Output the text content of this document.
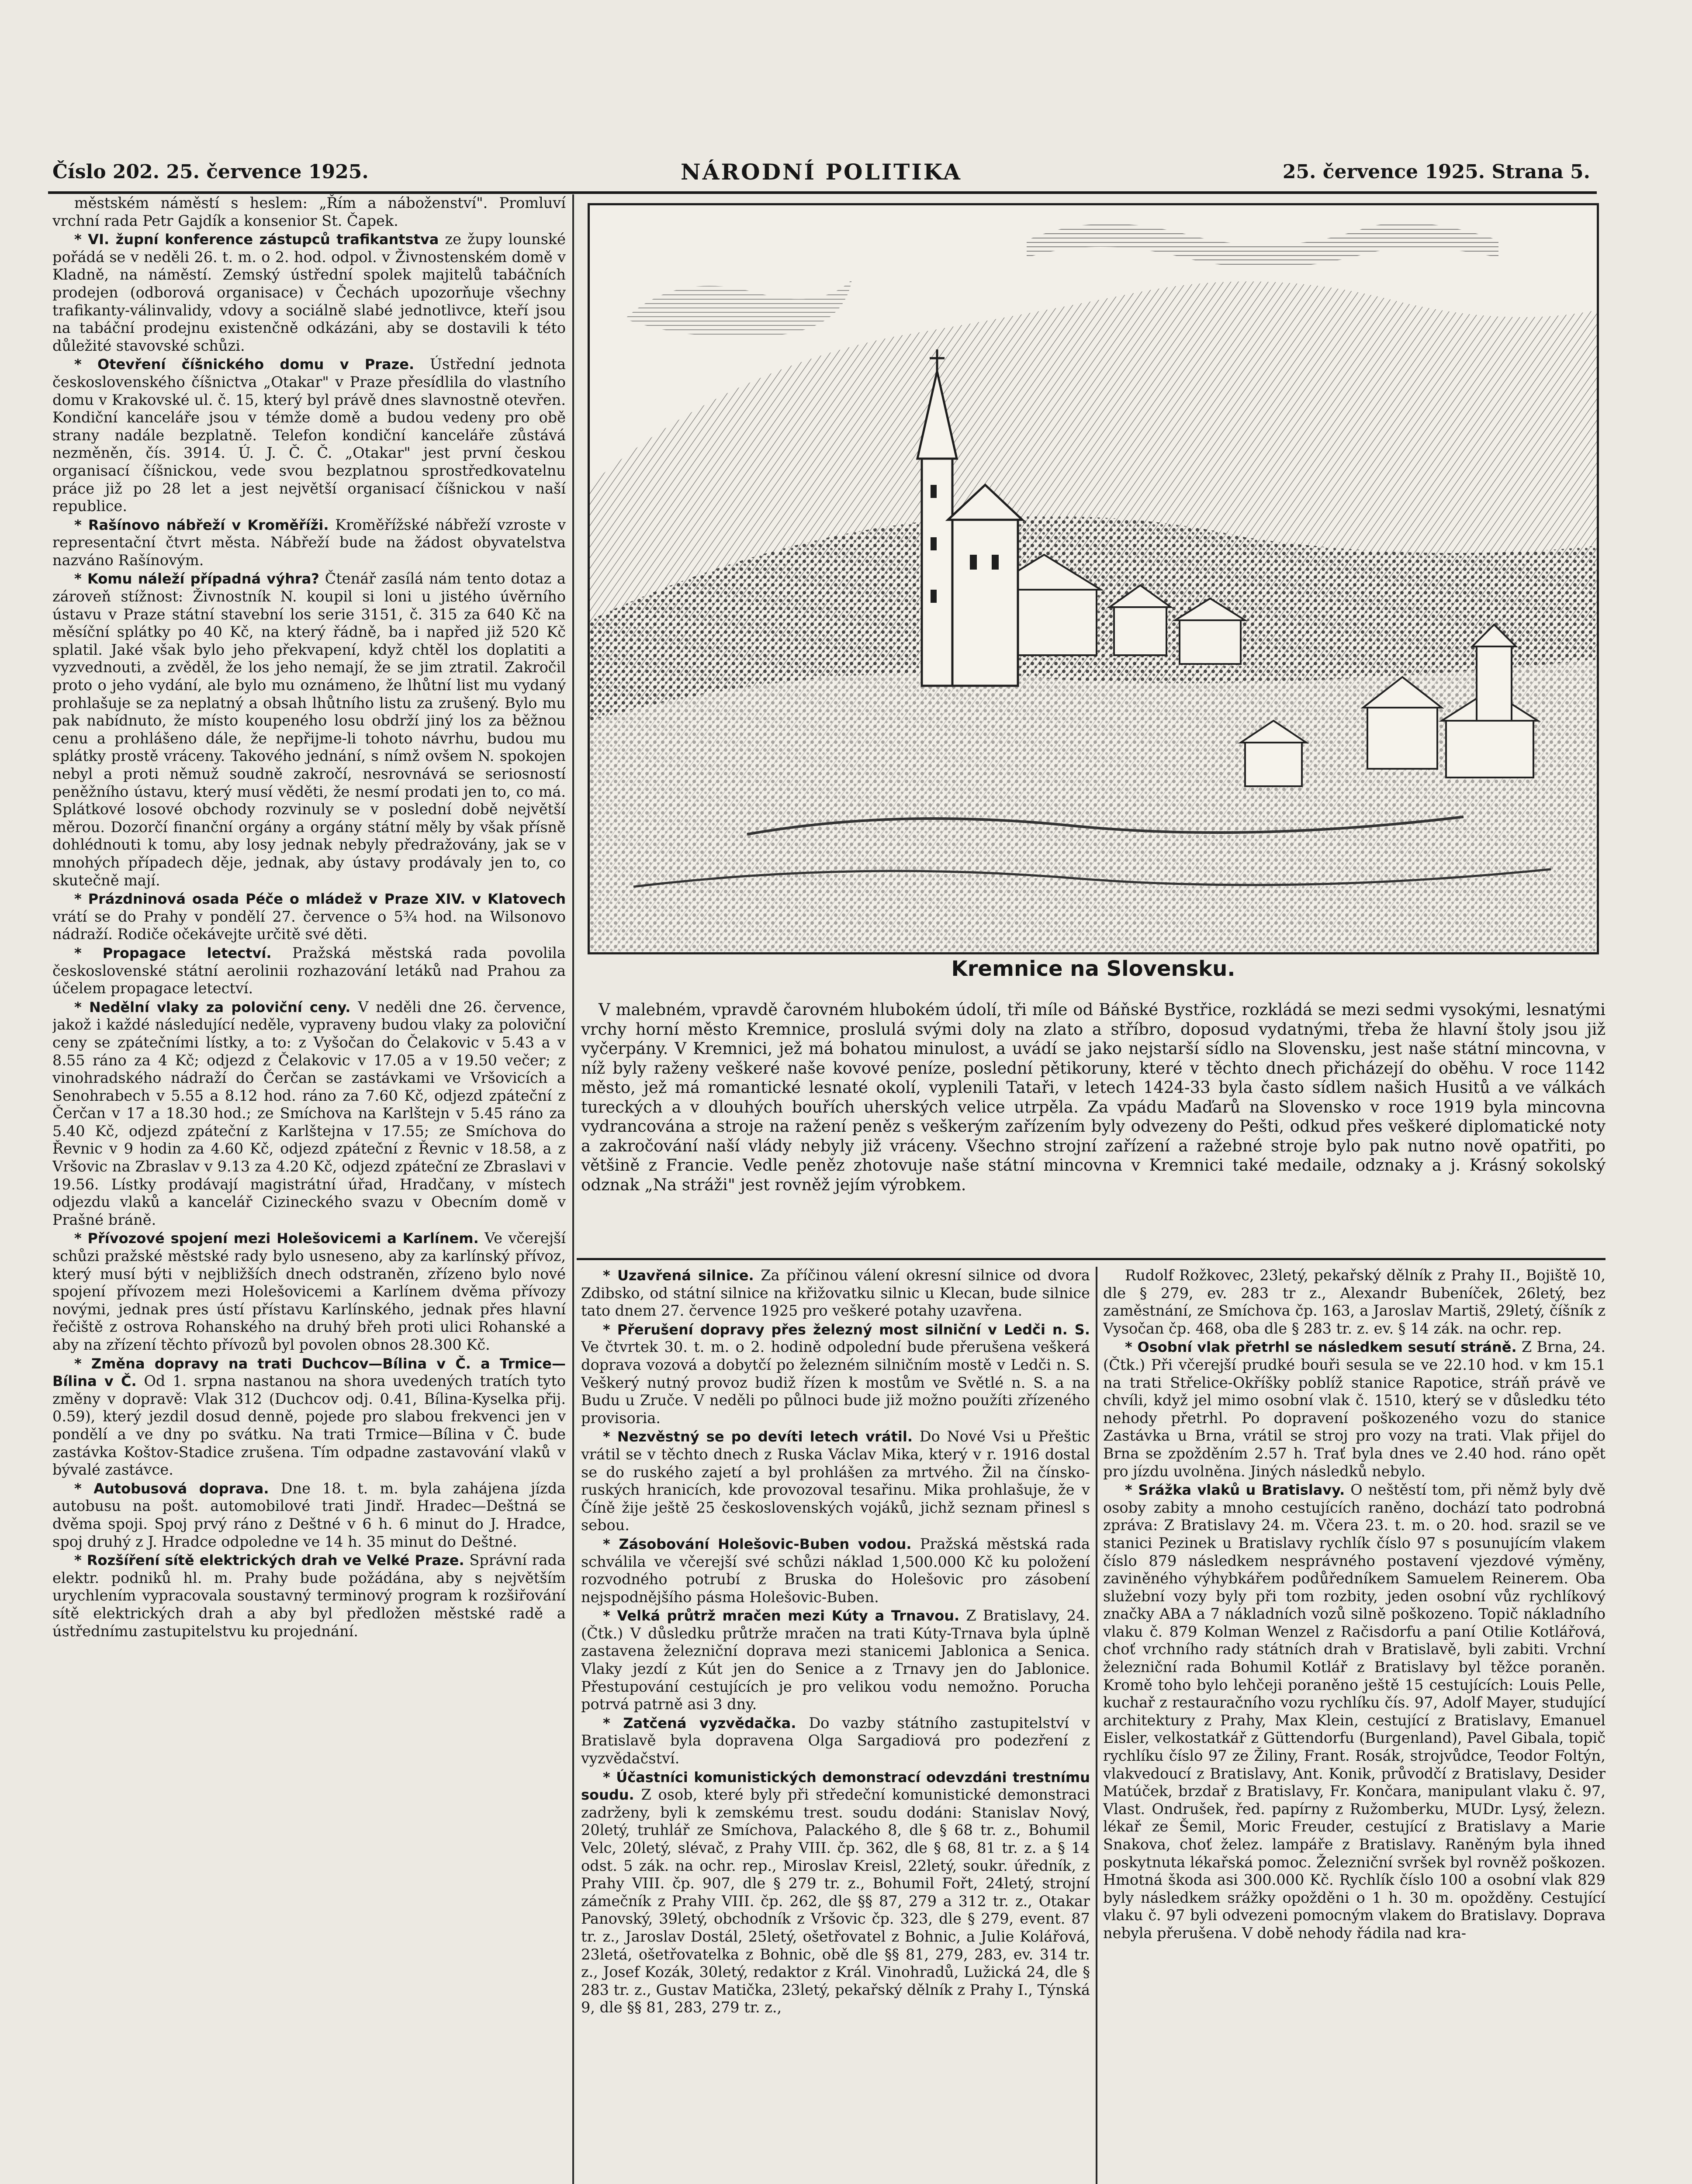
Číslo 202. 25. července 1925.	NÁRODNÍ POLITIKA	25. července 1925. Strana 5.

městském náměstí s heslem: „Řím a náboženství". Promluví vrchní rada Petr Gajdík a konsenior St. Čapek.

* VI. župní konference zástupců trafikantstva ze župy lounské pořádá se v neděli 26. t. m. o 2. hod. odpol. v Živnostenském domě v Kladně, na náměstí. Zemský ústřední spolek majitelů tabáčních prodejen (odborová organisace) v Čechách upozorňuje všechny trafikanty-válinvalidy, vdovy a sociálně slabé jednotlivce, kteří jsou na tabáční prodejnu existenčně odkázáni, aby se dostavili k této důležité stavovské schůzi.

* Otevření číšnického domu v Praze. Ústřední jednota československého číšnictva „Otakar" v Praze přesídlila do vlastního domu v Krakovské ul. č. 15, který byl právě dnes slavnostně otevřen. Kondiční kanceláře jsou v témže domě a budou vedeny pro obě strany nadále bezplatně. Telefon kondiční kanceláře zůstává nezměněn, čís. 3914. Ú. J. Č. Č. „Otakar" jest první českou organisací číšnickou, vede svou bezplatnou sprostředkovatelnu práce již po 28 let a jest největší organisací číšnickou v naší republice.

* Rašínovo nábřeží v Kroměříži. Kroměřížské nábřeží vzroste v representační čtvrt města. Nábřeží bude na žádost obyvatelstva nazváno Rašínovým.

* Komu náleží případná výhra? Čtenář zasílá nám tento dotaz a zároveň stížnost: Živnostník N. koupil si loni u jistého úvěrního ústavu v Praze státní stavební los serie 3151, č. 315 za 640 Kč na měsíční splátky po 40 Kč, na který řádně, ba i napřed již 520 Kč splatil. Jaké však bylo jeho překvapení, když chtěl los doplatiti a vyzvednouti, a zvěděl, že los jeho nemají, že se jim ztratil. Zakročil proto o jeho vydání, ale bylo mu oznámeno, že lhůtní list mu vydaný prohlašuje se za neplatný a obsah lhůtního listu za zrušený. Bylo mu pak nabídnuto, že místo koupeného losu obdrží jiný los za běžnou cenu a prohlášeno dále, že nepřijme-li tohoto návrhu, budou mu splátky prostě vráceny. Takového jednání, s nímž ovšem N. spokojen nebyl a proti němuž soudně zakročí, nesrovnává se seriosností peněžního ústavu, který musí věděti, že nesmí prodati jen to, co má. Splátkové losové obchody rozvinuly se v poslední době největší měrou. Dozorčí finanční orgány a orgány státní měly by však přísně dohlédnouti k tomu, aby losy jednak nebyly předražovány, jak se v mnohých případech děje, jednak, aby ústavy prodávaly jen to, co skutečně mají.

* Prázdninová osada Péče o mládež v Praze XIV. v Klatovech vrátí se do Prahy v pondělí 27. července o 5¾ hod. na Wilsonovo nádraží. Rodiče očekávejte určitě své děti.

* Propagace letectví. Pražská městská rada povolila československé státní aerolinii rozhazování letáků nad Prahou za účelem propagace letectví.

* Nedělní vlaky za poloviční ceny. V neděli dne 26. července, jakož i každé následující neděle, vypraveny budou vlaky za poloviční ceny se zpátečními lístky, a to: z Vyšočan do Čelakovic v 5.43 a v 8.55 ráno za 4 Kč; odjezd z Čelakovic v 17.05 a v 19.50 večer; z vinohradského nádraží do Čerčan se zastávkami ve Vršovicích a Senohrabech v 5.55 a 8.12 hod. ráno za 7.60 Kč, odjezd zpáteční z Čerčan v 17 a 18.30 hod.; ze Smíchova na Karlštejn v 5.45 ráno za 5.40 Kč, odjezd zpáteční z Karlštejna v 17.55; ze Smíchova do Řevnic v 9 hodin za 4.60 Kč, odjezd zpáteční z Řevnic v 18.58, a z Vršovic na Zbraslav v 9.13 za 4.20 Kč, odjezd zpáteční ze Zbraslavi v 19.56. Lístky prodávají magistrátní úřad, Hradčany, v místech odjezdu vlaků a kancelář Cizineckého svazu v Obecním domě v Prašné bráně.

* Přívozové spojení mezi Holešovicemi a Karlínem. Ve včerejší schůzi pražské městské rady bylo usneseno, aby za karlínský přívoz, který musí býti v nejbližších dnech odstraněn, zřízeno bylo nové spojení přívozem mezi Holešovicemi a Karlínem dvěma přívozy novými, jednak pres ústí přístavu Karlínského, jednak přes hlavní řečiště z ostrova Rohanského na druhý břeh proti ulici Rohanské a aby na zřízení těchto přívozů byl povolen obnos 28.300 Kč.

* Změna dopravy na trati Duchcov—Bílina v Č. a Trmice—Bílina v Č. Od 1. srpna nastanou na shora uvedených tratích tyto změny v dopravě: Vlak 312 (Duchcov odj. 0.41, Bílina-Kyselka přij. 0.59), který jezdil dosud denně, pojede pro slabou frekvenci jen v pondělí a ve dny po svátku. Na trati Trmice—Bílina v Č. bude zastávka Koštov-Stadice zrušena. Tím odpadne zastavování vlaků v bývalé zastávce.

* Autobusová doprava. Dne 18. t. m. byla zahájena jízda autobusu na pošt. automobilové trati Jindř. Hradec—Deštná se dvěma spoji. Spoj prvý ráno z Deštné v 6 h. 6 minut do J. Hradce, spoj druhý z J. Hradce odpoledne ve 14 h. 35 minut do Deštné.

* Rozšíření sítě elektrických drah ve Velké Praze. Správní rada elektr. podniků hl. m. Prahy bude požádána, aby s největším urychlením vypracovala soustavný terminový program k rozšiřování sítě elektrických drah a aby byl předložen městské radě a ústřednímu zastupitelstvu ku projednání.

Kremnice na Slovensku.

V malebném, vpravdě čarovném hlubokém údolí, tři míle od Báňské Bystřice, rozkládá se mezi sedmi vysokými, lesnatými vrchy horní město Kremnice, proslulá svými doly na zlato a stříbro, doposud vydatnými, třeba že hlavní štoly jsou již vyčerpány. V Kremnici, jež má bohatou minulost, a uvádí se jako nejstarší sídlo na Slovensku, jest naše státní mincovna, v níž byly raženy veškeré naše kovové peníze, poslední pětikoruny, které v těchto dnech přicházejí do oběhu. V roce 1142 město, jež má romantické lesnaté okolí, vyplenili Tataři, v letech 1424-33 byla často sídlem našich Husitů a ve válkách tureckých a v dlouhých bouřích uherských velice utrpěla. Za vpádu Maďarů na Slovensko v roce 1919 byla mincovna vydrancována a stroje na ražení peněz s veškerým zařízením byly odvezeny do Pešti, odkud přes veškeré diplomatické noty a zakročování naší vlády nebyly již vráceny. Všechno strojní zařízení a ražebné stroje bylo pak nutno nově opatřiti, po většině z Francie. Vedle peněz zhotovuje naše státní mincovna v Kremnici také medaile, odznaky a j. Krásný sokolský odznak „Na stráži" jest rovněž jejím výrobkem.

* Uzavřená silnice. Za příčinou válení okresní silnice od dvora Zdibsko, od státní silnice na křižovatku silnic u Klecan, bude silnice tato dnem 27. července 1925 pro veškeré potahy uzavřena.

* Přerušení dopravy přes železný most silniční v Ledči n. S. Ve čtvrtek 30. t. m. o 2. hodině odpolední bude přerušena veškerá doprava vozová a dobytčí po železném silničním mostě v Ledči n. S. Veškerý nutný provoz budiž řízen k mostům ve Světlé n. S. a na Budu u Zruče. V neděli po půlnoci bude již možno použíti zřízeného provisoria.

* Nezvěstný se po devíti letech vrátil. Do Nové Vsi u Přeštic vrátil se v těchto dnech z Ruska Václav Mika, který v r. 1916 dostal se do ruského zajetí a byl prohlášen za mrtvého. Žil na čínsko-ruských hranicích, kde provozoval tesařinu. Mika prohlašuje, že v Číně žije ještě 25 československých vojáků, jichž seznam přinesl s sebou.

* Zásobování Holešovic-Buben vodou. Pražská městská rada schválila ve včerejší své schůzi náklad 1,500.000 Kč ku položení rozvodného potrubí z Bruska do Holešovic pro zásobení nejspodnějšího pásma Holešovic-Buben.

* Velká průtrž mračen mezi Kúty a Trnavou. Z Bratislavy, 24. (Čtk.) V důsledku průtrže mračen na trati Kúty-Trnava byla úplně zastavena železniční doprava mezi stanicemi Jablonica a Senica. Vlaky jezdí z Kút jen do Senice a z Trnavy jen do Jablonice. Přestupování cestujících je pro velikou vodu nemožno. Porucha potrvá patrně asi 3 dny.

* Zatčená vyzvědačka. Do vazby státního zastupitelství v Bratislavě byla dopravena Olga Sargadiová pro podezření z vyzvědačství.

* Účastníci komunistických demonstrací odevzdáni trestnímu soudu. Z osob, které byly při středeční komunistické demonstraci zadrženy, byli k zemskému trest. soudu dodáni: Stanislav Nový, 20letý, truhlář ze Smíchova, Palackého 8, dle § 68 tr. z., Bohumil Velc, 20letý, slévač, z Prahy VIII. čp. 362, dle § 68, 81 tr. z. a § 14 odst. 5 zák. na ochr. rep., Miroslav Kreisl, 22letý, soukr. úředník, z Prahy VIII. čp. 907, dle § 279 tr. z., Bohumil Fořt, 24letý, strojní zámečník z Prahy VIII. čp. 262, dle §§ 87, 279 a 312 tr. z., Otakar Panovský, 39letý, obchodník z Vršovic čp. 323, dle § 279, event. 87 tr. z., Jaroslav Dostál, 25letý, ošetřovatel z Bohnic, a Julie Kolářová, 23letá, ošetřovatelka z Bohnic, obě dle §§ 81, 279, 283, ev. 314 tr. z., Josef Kozák, 30letý, redaktor z Král. Vinohradů, Lužická 24, dle § 283 tr. z., Gustav Matička, 23letý, pekařský dělník z Prahy I., Týnská 9, dle §§ 81, 283, 279 tr. z.,

Rudolf Rožkovec, 23letý, pekařský dělník z Prahy II., Bojiště 10, dle § 279, ev. 283 tr z., Alexandr Bubeníček, 26letý, bez zaměstnání, ze Smíchova čp. 163, a Jaroslav Martiš, 29letý, číšník z Vysočan čp. 468, oba dle § 283 tr. z. ev. § 14 zák. na ochr. rep.

* Osobní vlak přetrhl se následkem sesutí stráně. Z Brna, 24. (Čtk.) Při včerejší prudké bouři sesula se ve 22.10 hod. v km 15.1 na trati Střelice-Okříšky poblíž stanice Rapotice, stráň právě ve chvíli, když jel mimo osobní vlak č. 1510, který se v důsledku této nehody přetrhl. Po dopravení poškozeného vozu do stanice Zastávka u Brna, vrátil se stroj pro vozy na trati. Vlak přijel do Brna se zpožděním 2.57 h. Trať byla dnes ve 2.40 hod. ráno opět pro jízdu uvolněna. Jiných následků nebylo.

* Srážka vlaků u Bratislavy. O neštěstí tom, při němž byly dvě osoby zabity a mnoho cestujících raněno, dochází tato podrobná zpráva: Z Bratislavy 24. m. Včera 23. t. m. o 20. hod. srazil se ve stanici Pezinek u Bratislavy rychlík číslo 97 s posunujícím vlakem číslo 879 následkem nesprávného postavení vjezdové výměny, zaviněného výhybkářem podůředníkem Samuelem Reinerem. Oba služební vozy byly při tom rozbity, jeden osobní vůz rychlíkový značky ABA a 7 nákladních vozů silně poškozeno. Topič nákladního vlaku č. 879 Kolman Wenzel z Račisdorfu a paní Otilie Kotlářová, choť vrchního rady státních drah v Bratislavě, byli zabiti. Vrchní železniční rada Bohumil Kotlář z Bratislavy byl těžce poraněn. Kromě toho bylo lehčeji poraněno ještě 15 cestujících: Louis Pelle, kuchař z restauračního vozu rychlíku čís. 97, Adolf Mayer, studující architektury z Prahy, Max Klein, cestující z Bratislavy, Emanuel Eisler, velkostatkář z Güttendorfu (Burgenland), Pavel Gibala, topič rychlíku číslo 97 ze Žiliny, Frant. Rosák, strojvůdce, Teodor Foltýn, vlakvedoucí z Bratislavy, Ant. Konik, průvodčí z Bratislavy, Desider Matúček, brzdař z Bratislavy, Fr. Končara, manipulant vlaku č. 97, Vlast. Ondrušek, řed. papírny z Ružomberku, MUDr. Lysý, železn. lékař ze Šemil, Moric Freuder, cestující z Bratislavy a Marie Snakova, choť želez. lampáře z Bratislavy. Raněným byla ihned poskytnuta lékařská pomoc. Železniční svršek byl rovněž poškozen. Hmotná škoda asi 300.000 Kč. Rychlík číslo 100 a osobní vlak 829 byly následkem srážky opožděni o 1 h. 30 m. opožděny. Cestující vlaku č. 97 byli odvezeni pomocným vlakem do Bratislavy. Doprava nebyla přerušena. V době nehody řádila nad kra-
